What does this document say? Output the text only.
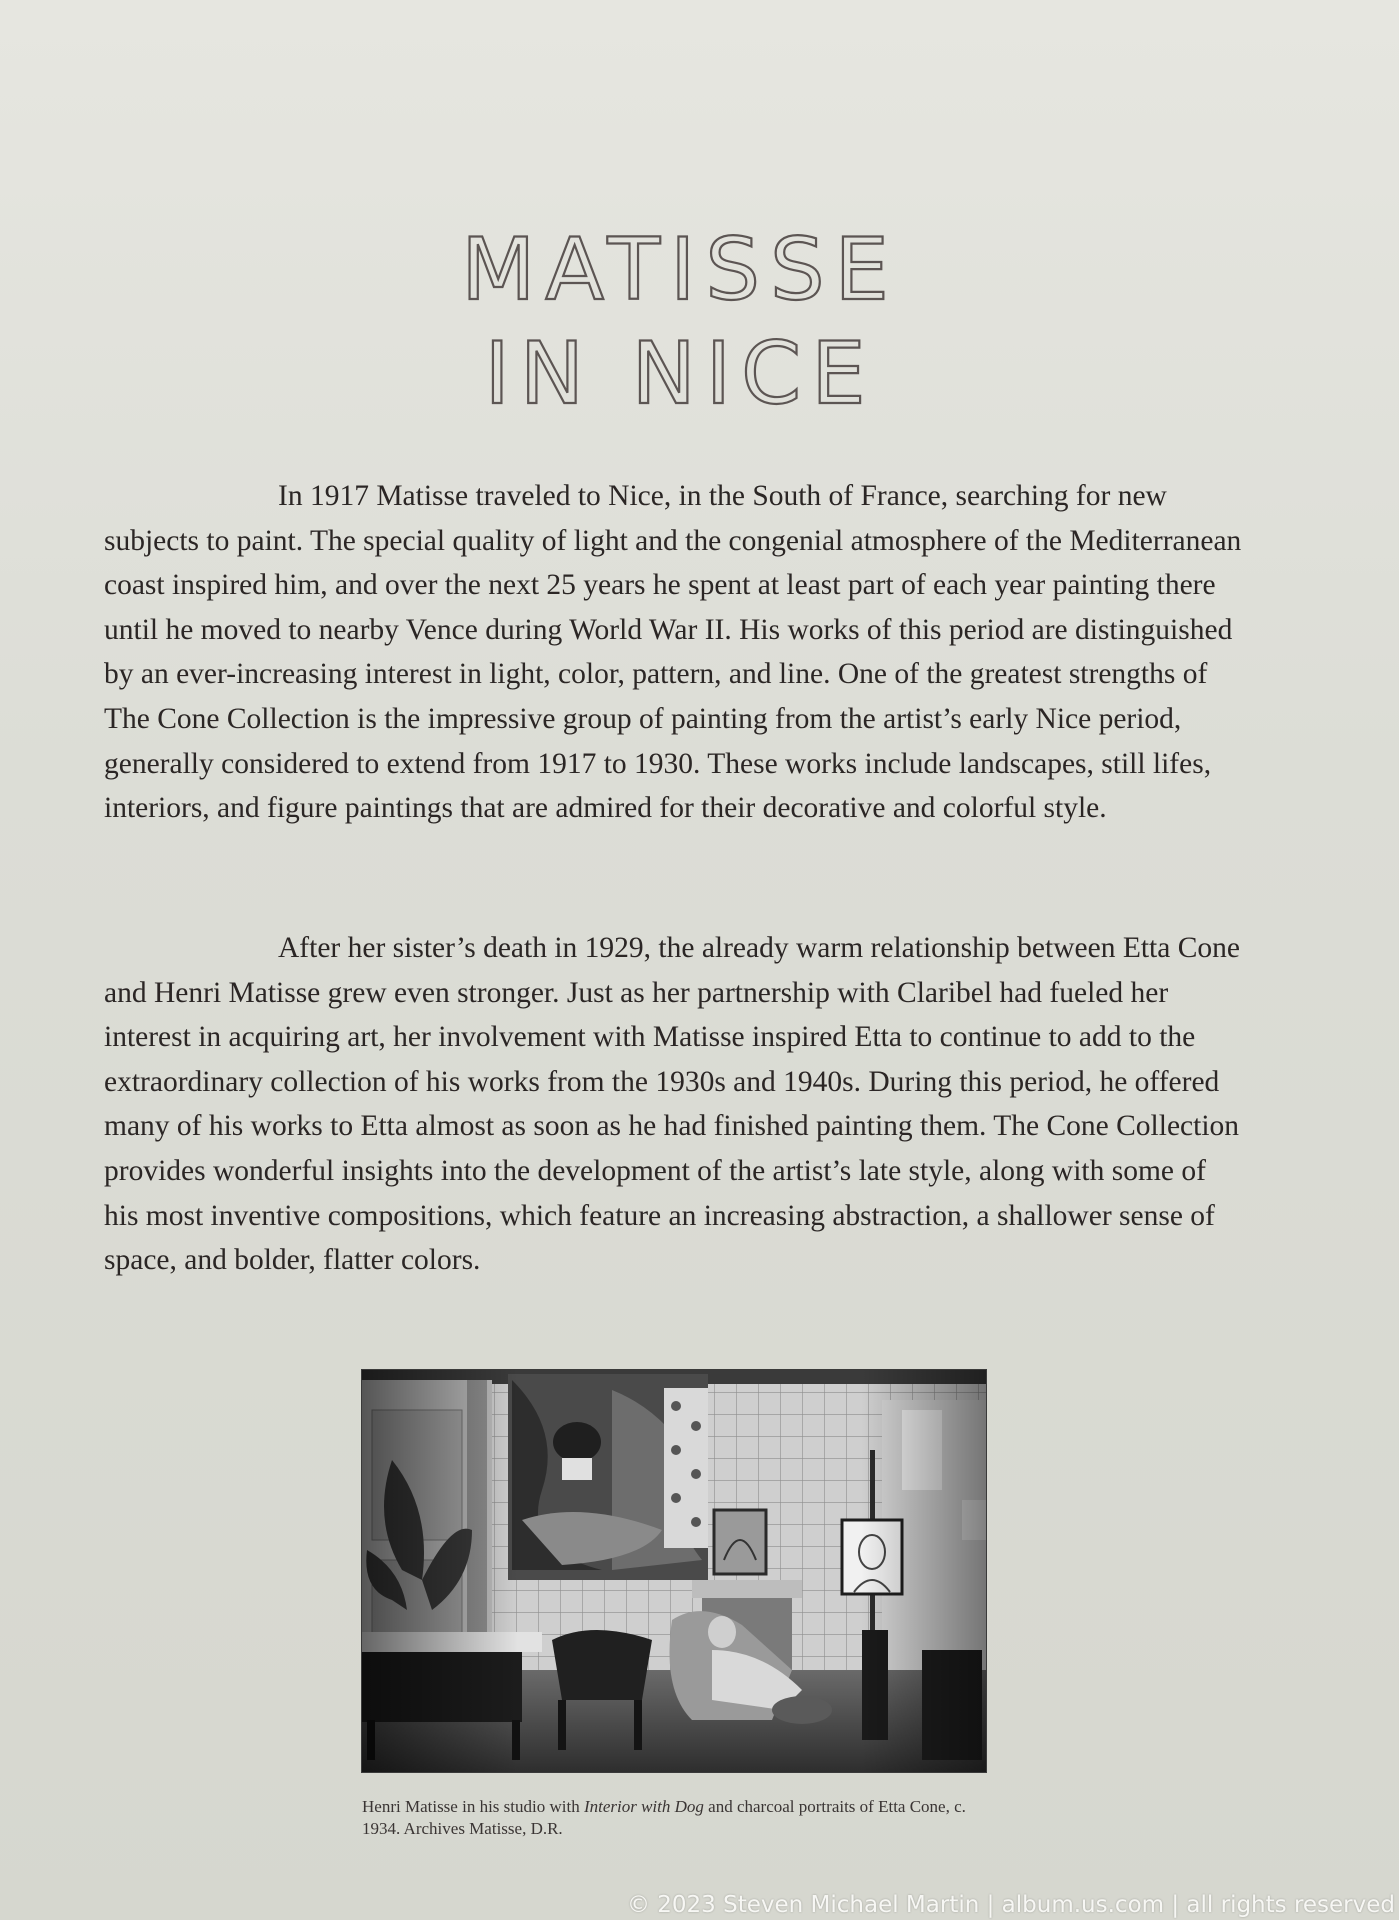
MATISSE
IN NICE

In 1917 Matisse traveled to Nice, in the South of France, searching for new subjects to paint. The special quality of light and the congenial atmosphere of the Mediterranean coast inspired him, and over the next 25 years he spent at least part of each year painting there until he moved to nearby Vence during World War II. His works of this period are distinguished by an ever-increasing interest in light, color, pattern, and line. One of the greatest strengths of The Cone Collection is the impressive group of painting from the artist’s early Nice period, generally considered to extend from 1917 to 1930. These works include landscapes, still lifes, interiors, and figure paintings that are admired for their decorative and colorful style.

After her sister’s death in 1929, the already warm relationship between Etta Cone and Henri Matisse grew even stronger. Just as her partnership with Claribel had fueled her interest in acquiring art, her involvement with Matisse inspired Etta to continue to add to the extraordinary collection of his works from the 1930s and 1940s. During this period, he offered many of his works to Etta almost as soon as he had finished painting them. The Cone Collection provides wonderful insights into the development of the artist’s late style, along with some of his most inventive compositions, which feature an increasing abstraction, a shallower sense of space, and bolder, flatter colors.

Henri Matisse in his studio with Interior with Dog and charcoal portraits of Etta Cone, c. 1934. Archives Matisse, D.R.

© 2023 Steven Michael Martin | album.us.com | all rights reserved
